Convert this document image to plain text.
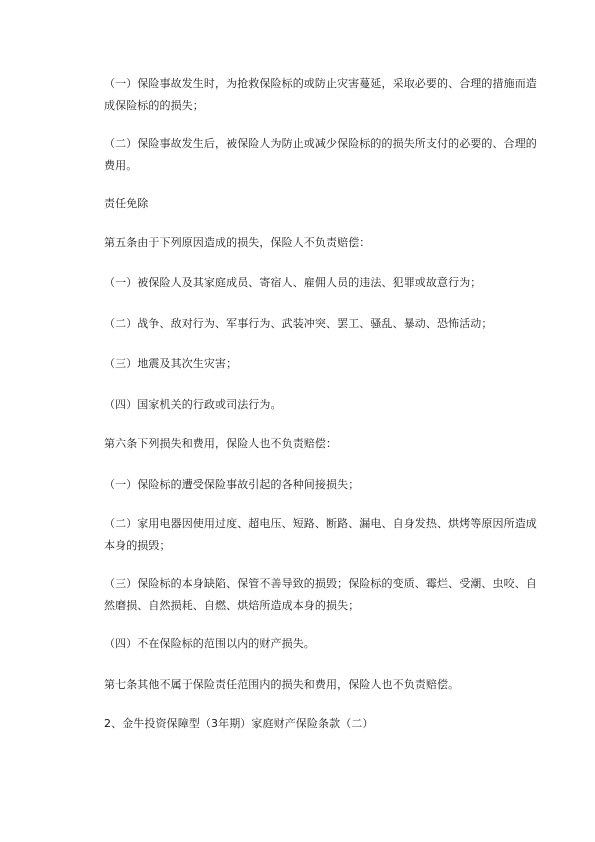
（一）保险事故发生时，为抢救保险标的或防止灾害蔓延，采取必要的、合理的措施而造成保险标的的损失；

（二）保险事故发生后，被保险人为防止或减少保险标的的损失所支付的必要的、合理的费用。

责任免除

第五条由于下列原因造成的损失，保险人不负责赔偿：

（一）被保险人及其家庭成员、寄宿人、雇佣人员的违法、犯罪或故意行为；

（二）战争、敌对行为、军事行为、武装冲突、罢工、骚乱、暴动、恐怖活动；

（三）地震及其次生灾害；

（四）国家机关的行政或司法行为。

第六条下列损失和费用，保险人也不负责赔偿：

（一）保险标的遭受保险事故引起的各种间接损失；

（二）家用电器因使用过度、超电压、短路、断路、漏电、自身发热、烘烤等原因所造成本身的损毁；

（三）保险标的本身缺陷、保管不善导致的损毁；保险标的变质、霉烂、受潮、虫咬、自然磨损、自然损耗、自燃、烘焙所造成本身的损失；

（四）不在保险标的范围以内的财产损失。

第七条其他不属于保险责任范围内的损失和费用，保险人也不负责赔偿。

2、金牛投资保障型（3年期）家庭财产保险条款（二）
